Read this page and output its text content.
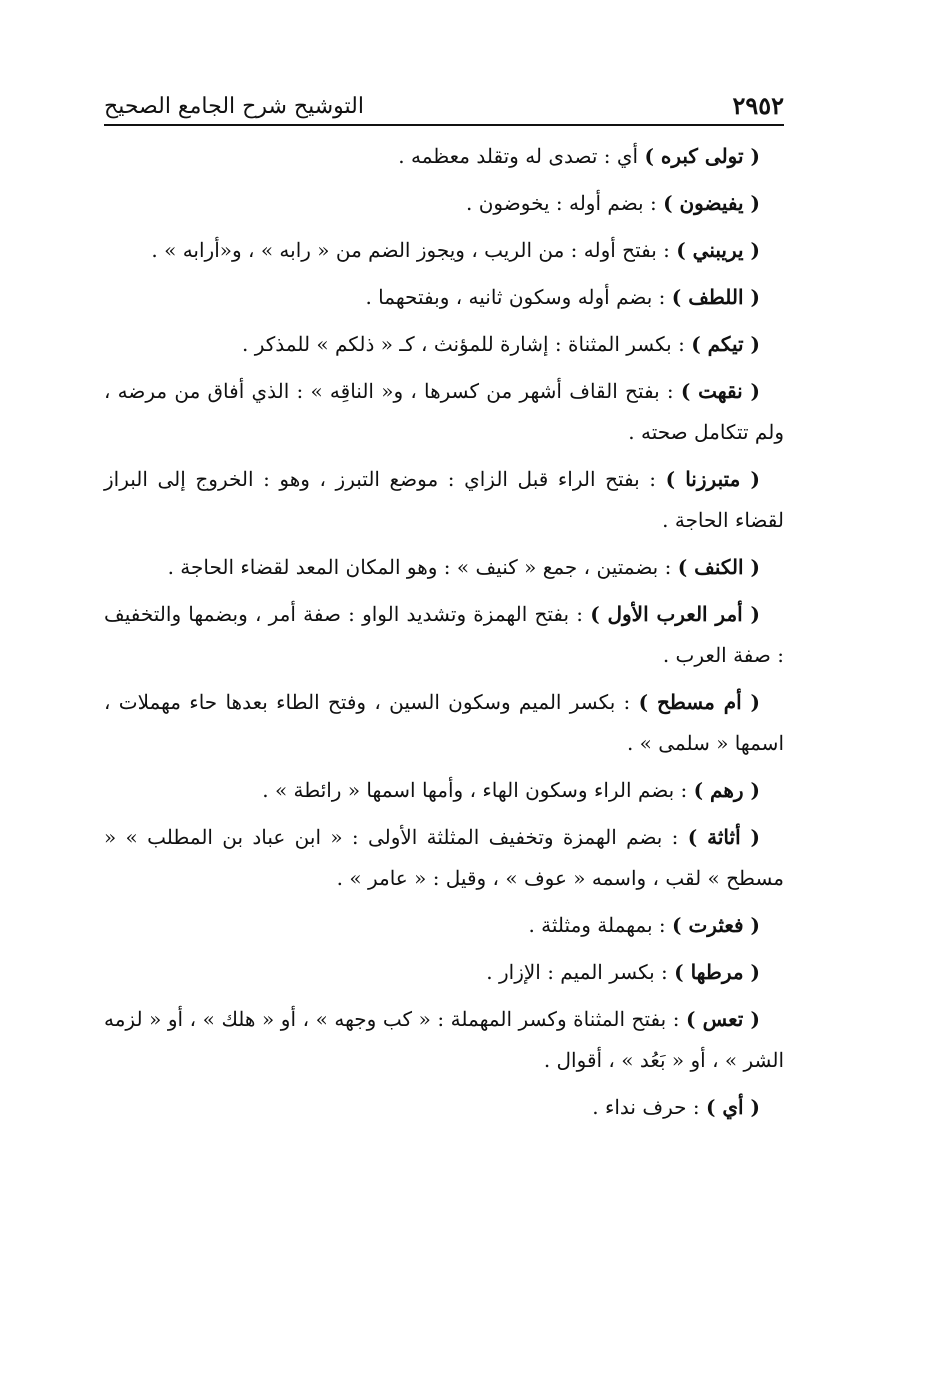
٢٩٥٢
التوشيح شرح الجامع الصحيح

( تولى كبره ) أي : تصدى له وتقلد معظمه .

( يفيضون ) : بضم أوله : يخوضون .

( يريبني ) : بفتح أوله : من الريب ، ويجوز الضم من « رابه » ، و«أرابه » .

( اللطف ) : بضم أوله وسكون ثانيه ، وبفتحهما .

( تيكم ) : بكسر المثناة : إشارة للمؤنث ، كـ « ذلكم » للمذكر .

( نقهت ) : بفتح القاف أشهر من كسرها ، و« الناقِه » : الذي أفاق من مرضه ، ولم تتكامل صحته .

( متبرزنا ) : بفتح الراء قبل الزاي : موضع التبرز ، وهو : الخروج إلى البراز لقضاء الحاجة .

( الكنف ) : بضمتين ، جمع « كنيف » : وهو المكان المعد لقضاء الحاجة .

( أمر العرب الأول ) : بفتح الهمزة وتشديد الواو : صفة أمر ، وبضمها والتخفيف : صفة العرب .

( أم مسطح ) : بكسر الميم وسكون السين ، وفتح الطاء بعدها حاء مهملات ، اسمها « سلمى » .

( رهم ) : بضم الراء وسكون الهاء ، وأمها اسمها « رائطة » .

( أثاثة ) : بضم الهمزة وتخفيف المثلثة الأولى : « ابن عباد بن المطلب » « مسطح » لقب ، واسمه « عوف » ، وقيل : « عامر » .

( فعثرت ) : بمهملة ومثلثة .

( مرطها ) : بكسر الميم : الإزار .

( تعس ) : بفتح المثناة وكسر المهملة : « كب وجهه » ، أو « هلك » ، أو « لزمه الشر » ، أو « بَعُد » ، أقوال .

( أي ) : حرف نداء .
